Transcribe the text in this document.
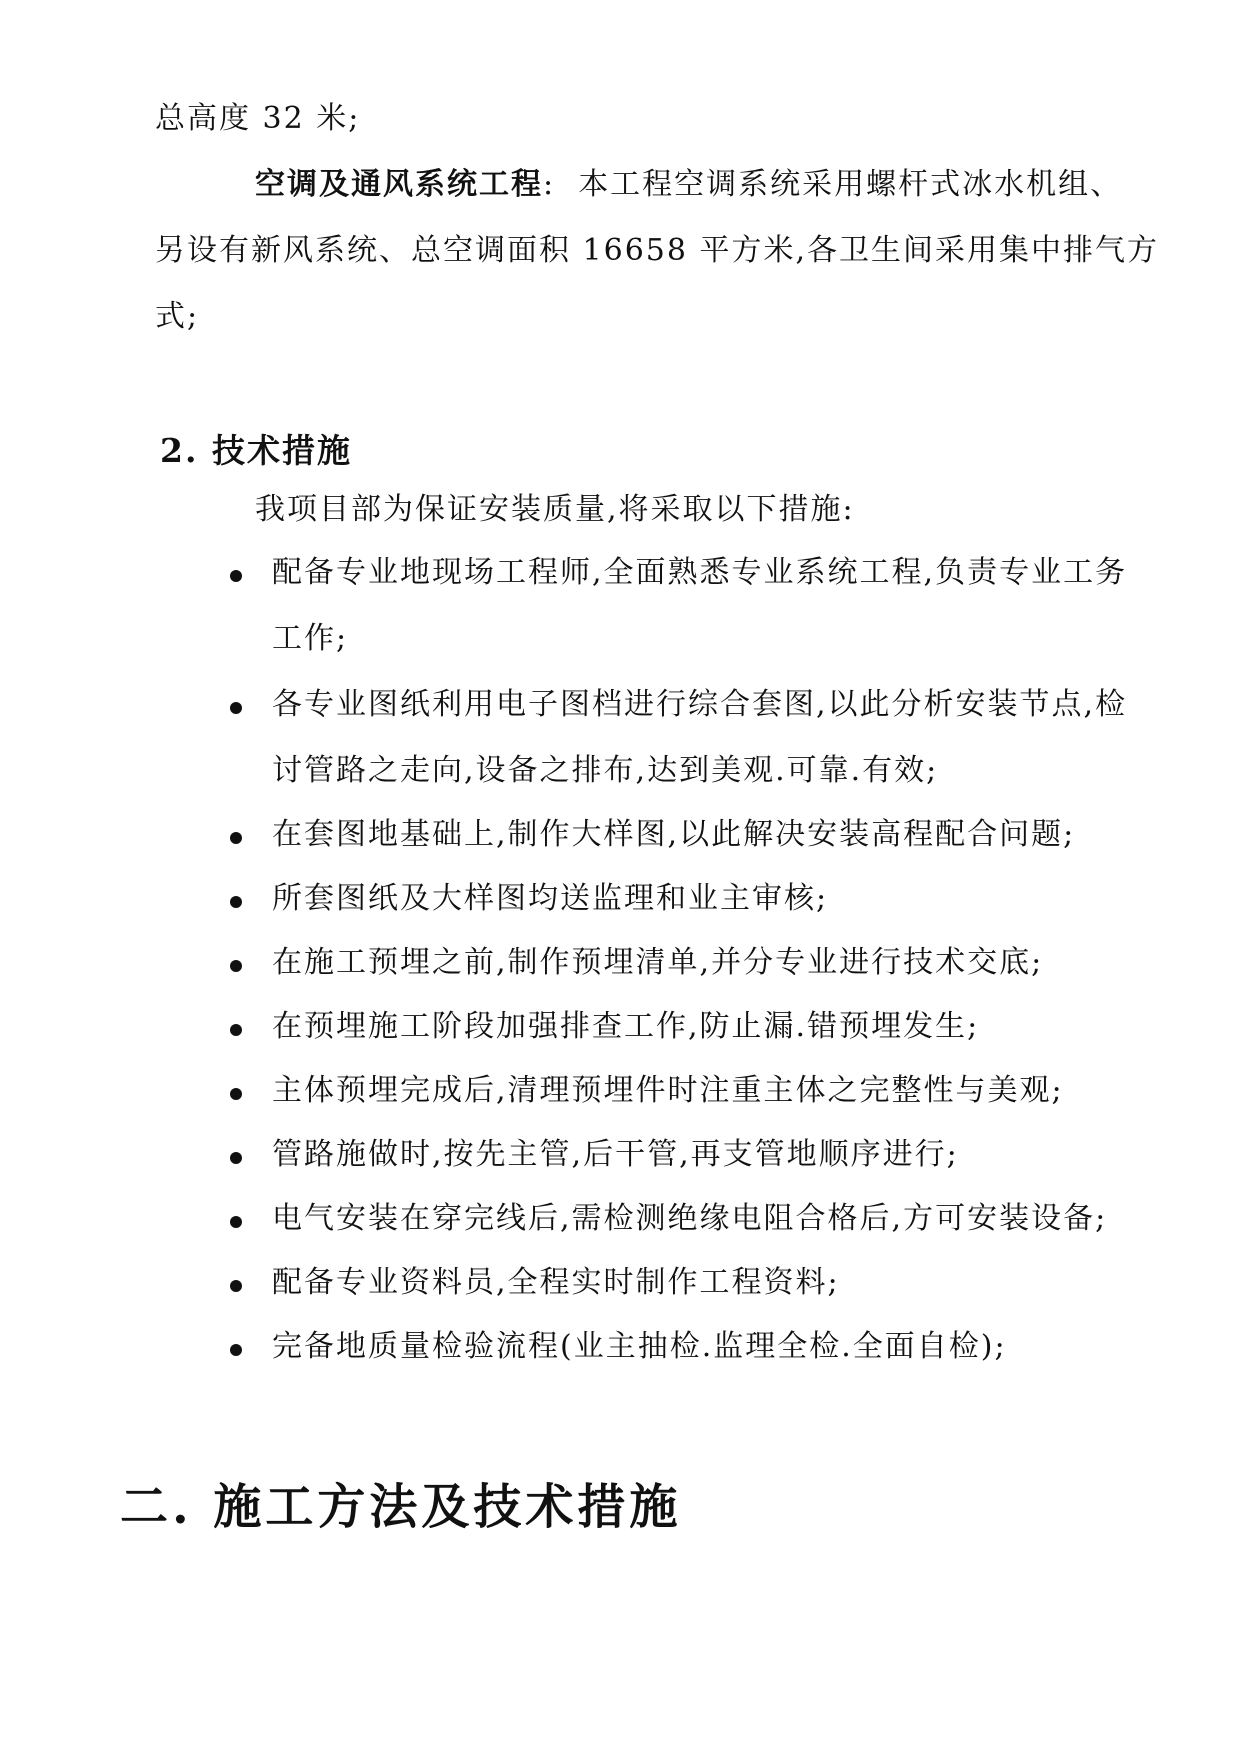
总高度 32 米;
空调及通风系统工程: 本工程空调系统采用螺杆式冰水机组、
另设有新风系统、总空调面积 16658 平方米,各卫生间采用集中排气方
式;
2. 技术措施
我项目部为保证安装质量,将采取以下措施:
配备专业地现场工程师,全面熟悉专业系统工程,负责专业工务
工作;
各专业图纸利用电子图档进行综合套图,以此分析安装节点,检
讨管路之走向,设备之排布,达到美观.可靠.有效;
在套图地基础上,制作大样图,以此解决安装高程配合问题;
所套图纸及大样图均送监理和业主审核;
在施工预埋之前,制作预埋清单,并分专业进行技术交底;
在预埋施工阶段加强排查工作,防止漏.错预埋发生;
主体预埋完成后,清理预埋件时注重主体之完整性与美观;
管路施做时,按先主管,后干管,再支管地顺序进行;
电气安装在穿完线后,需检测绝缘电阻合格后,方可安装设备;
配备专业资料员,全程实时制作工程资料;
完备地质量检验流程(业主抽检.监理全检.全面自检);
二. 施工方法及技术措施
